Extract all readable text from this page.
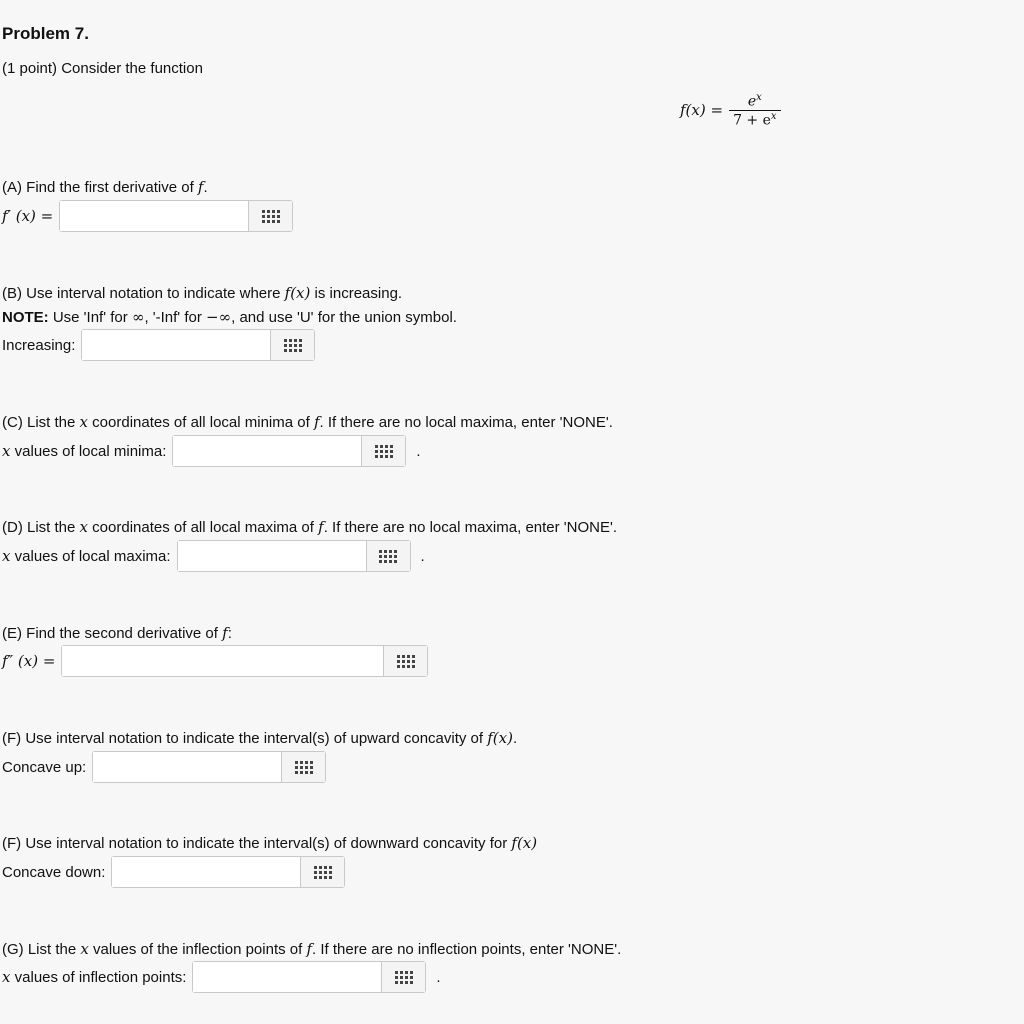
Problem 7.
(1 point) Consider the function
$f(x) = \frac{e^x}{7 + e^x}$
(A) Find the first derivative of f.
f′ (x) =
(B) Use interval notation to indicate where f(x) is increasing.
NOTE: Use 'Inf' for ∞, '-Inf' for −∞, and use 'U' for the union symbol.
Increasing:
(C) List the x coordinates of all local minima of f. If there are no local maxima, enter 'NONE'.
x values of local minima:	.
(D) List the x coordinates of all local maxima of f. If there are no local maxima, enter 'NONE'.
x values of local maxima:	.
(E) Find the second derivative of f:
f″ (x) =
(F) Use interval notation to indicate the interval(s) of upward concavity of f(x).
Concave up:
(F) Use interval notation to indicate the interval(s) of downward concavity for f(x)
Concave down:
(G) List the x values of the inflection points of f. If there are no inflection points, enter 'NONE'.
x values of inflection points:	.
